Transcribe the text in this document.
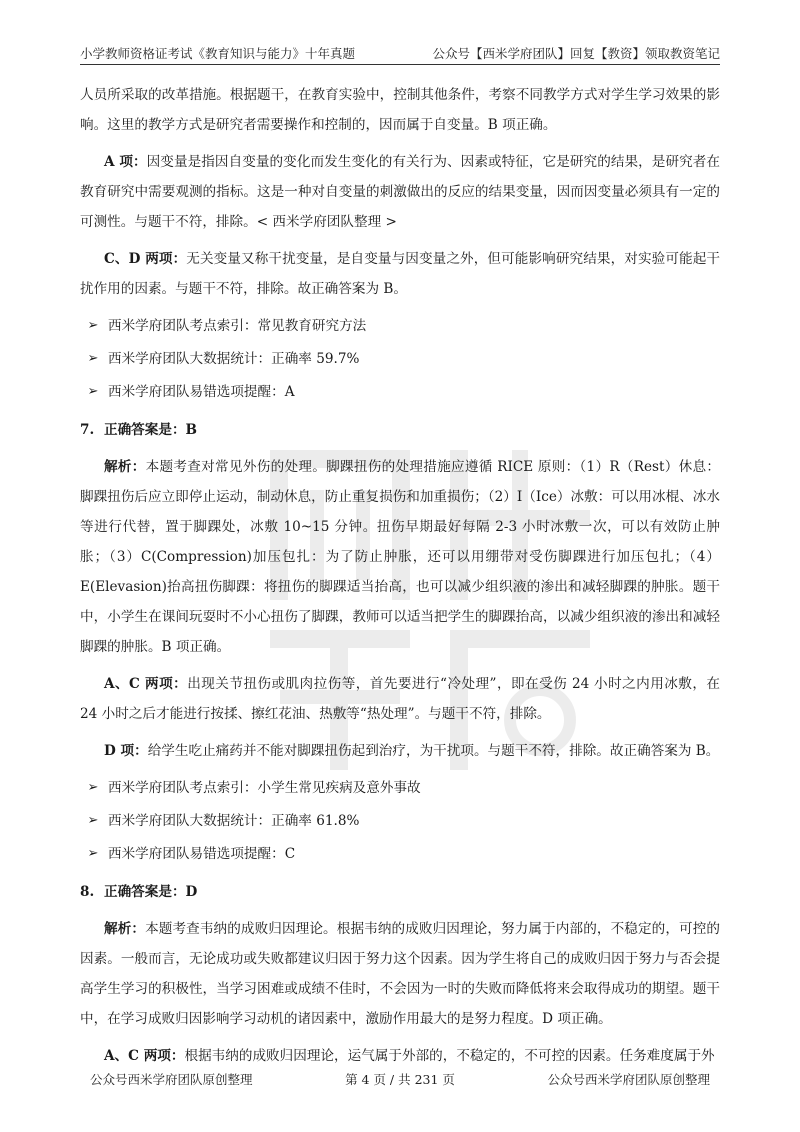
小学教师资格证考试《教育知识与能力》十年真题	公众号【西米学府团队】回复【教资】领取教资笔记

人员所采取的改革措施。根据题干，在教育实验中，控制其他条件，考察不同教学方式对学生学习效果的影响。这里的教学方式是研究者需要操作和控制的，因而属于自变量。B 项正确。

A 项：因变量是指因自变量的变化而发生变化的有关行为、因素或特征，它是研究的结果，是研究者在教育研究中需要观测的指标。这是一种对自变量的刺激做出的反应的结果变量，因而因变量必须具有一定的可测性。与题干不符，排除。< 西米学府团队整理 >

C、D 两项：无关变量又称干扰变量，是自变量与因变量之外，但可能影响研究结果，对实验可能起干扰作用的因素。与题干不符，排除。故正确答案为 B。

➢ 西米学府团队考点索引：常见教育研究方法
➢ 西米学府团队大数据统计：正确率 59.7%
➢ 西米学府团队易错选项提醒：A
7. 正确答案是：B

解析：本题考查对常见外伤的处理。脚踝扭伤的处理措施应遵循 RICE 原则：（1）R（Rest）休息：脚踝扭伤后应立即停止运动，制动休息，防止重复损伤和加重损伤；（2）I（Ice）冰敷：可以用冰棍、冰水等进行代替，置于脚踝处，冰敷 10~15 分钟。扭伤早期最好每隔 2-3 小时冰敷一次，可以有效防止肿胀；（3）C(Compression)加压包扎：为了防止肿胀，还可以用绷带对受伤脚踝进行加压包扎；（4）E(Elevasion)抬高扭伤脚踝：将扭伤的脚踝适当抬高，也可以减少组织液的渗出和减轻脚踝的肿胀。题干中，小学生在课间玩耍时不小心扭伤了脚踝，教师可以适当把学生的脚踝抬高，以减少组织液的渗出和减轻脚踝的肿胀。B 项正确。

A、C 两项：出现关节扭伤或肌肉拉伤等，首先要进行“冷处理”，即在受伤 24 小时之内用冰敷，在 24 小时之后才能进行按揉、擦红花油、热敷等“热处理”。与题干不符，排除。

D 项：给学生吃止痛药并不能对脚踝扭伤起到治疗，为干扰项。与题干不符，排除。故正确答案为 B。

➢ 西米学府团队考点索引：小学生常见疾病及意外事故
➢ 西米学府团队大数据统计：正确率 61.8%
➢ 西米学府团队易错选项提醒：C
8. 正确答案是：D

解析：本题考查韦纳的成败归因理论。根据韦纳的成败归因理论，努力属于内部的，不稳定的，可控的因素。一般而言，无论成功或失败都建议归因于努力这个因素。因为学生将自己的成败归因于努力与否会提高学生学习的积极性，当学习困难或成绩不佳时，不会因为一时的失败而降低将来会取得成功的期望。题干中，在学习成败归因影响学习动机的诸因素中，激励作用最大的是努力程度。D 项正确。

A、C 两项：根据韦纳的成败归因理论，运气属于外部的，不稳定的，不可控的因素。任务难度属于外

公众号西米学府团队原创整理	第 4 页 / 共 231 页	公众号西米学府团队原创整理
